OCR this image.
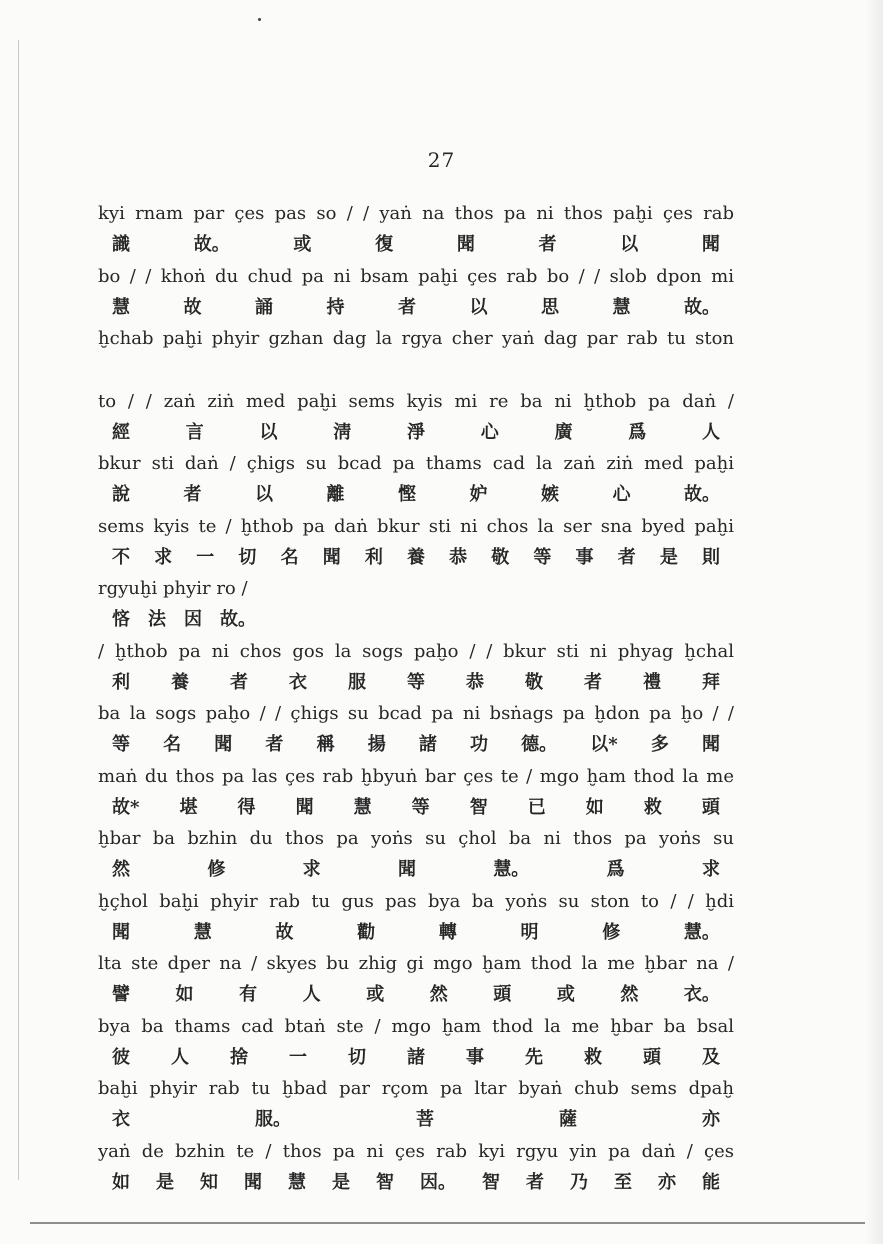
27
kyi rnam par çes pas so / / yaṅ na thos pa ni thos paḫi çes rab
識	故。	或	復	聞	者	以	聞
bo / / khoṅ du chud pa ni bsam paḫi çes rab bo / / slob dpon mi
慧	故	誦	持	者	以	思	慧	故。
ḫchab paḫi phyir gzhan dag la rgya cher yaṅ dag par rab tu ston
to / / zaṅ ziṅ med paḫi sems kyis mi re ba ni ḫthob pa daṅ /
經	言	以	淸	淨	心	廣	爲	人
bkur sti daṅ / çhigs su bcad pa thams cad la zaṅ ziṅ med paḫi
說	者	以	離	慳	妒	嫉	心	故。
sems kyis te / ḫthob pa daṅ bkur sti ni chos la ser sna byed paḫi
不 求 一 切 名 聞 利 養 恭 敬 等 事 者 是 則
rgyuḫi phyir ro /
悋 法 因 故。
/ ḫthob pa ni chos gos la sogs paḫo / / bkur sti ni phyag ḫchal
利 養 者 衣 服 等 恭 敬 者 禮 拜
ba la sogs paḫo / / çhigs su bcad pa ni bsṅags pa ḫdon pa ḫo / /
等 名 聞 者 稱 揚 諸 功 德。 以* 多 聞
maṅ du thos pa las çes rab ḫbyuṅ bar çes te / mgo ḫam thod la me
故* 堪 得 聞 慧 等 智 已 如 救 頭
ḫbar ba bzhin du thos pa yoṅs su çhol ba ni thos pa yoṅs su
然	修	求	聞	慧。	爲	求
ḫçhol baḫi phyir rab tu gus pas bya ba yoṅs su ston to / / ḫdi
聞	慧	故	勸	轉	明	修	慧。
lta ste dper na / skyes bu zhig gi mgo ḫam thod la me ḫbar na /
譬	如	有	人	或	然	頭	或	然	衣。
bya ba thams cad btaṅ ste / mgo ḫam thod la me ḫbar ba bsal
彼 人 捨 一 切 諸 事 先 救 頭 及
baḫi phyir rab tu ḫbad par rçom pa ltar byaṅ chub sems dpaḫ
衣	服。	菩	薩	亦
yaṅ de bzhin te / thos pa ni çes rab kyi rgyu yin pa daṅ / çes
如 是 知 聞 慧 是 智 因。 智 者 乃 至 亦 能
